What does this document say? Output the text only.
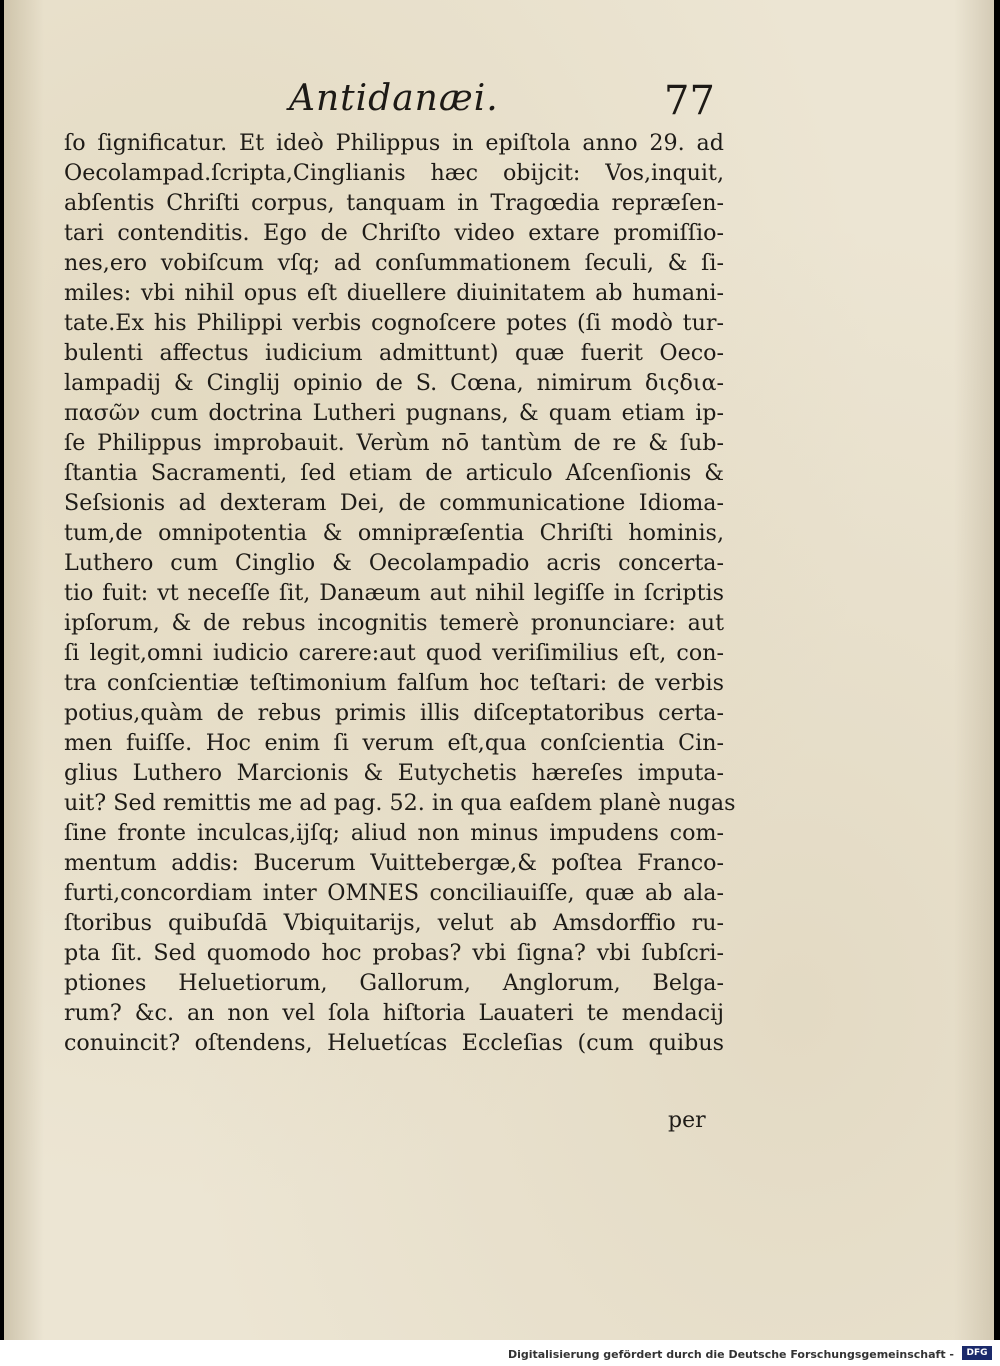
Antidanæi.	77
ſo ſignificatur. Et ideò Philippus in epiſtola anno 29. ad
Oecolampad.ſcripta,Cinglianis hæc obijcit: Vos,inquit,
abſentis Chriſti corpus, tanquam in Tragœdia repræſen-
tari contenditis. Ego de Chriſto video extare promiſſio-
nes,ero vobiſcum vſq; ad conſummationem ſeculi, & ſi-
miles: vbi nihil opus eſt diuellere diuinitatem ab humani-
tate.Ex his Philippi verbis cognoſcere potes (ſi modò tur-
bulenti affectus iudicium admittunt) quæ fuerit Oeco-
lampadij & Cinglij opinio de S. Cœna, nimirum διςδια-
πασῶν cum doctrina Lutheri pugnans, & quam etiam ip-
ſe Philippus improbauit. Verùm nō tantùm de re & ſub-
ſtantia Sacramenti, ſed etiam de articulo Aſcenſionis &
Seſsionis ad dexteram Dei, de communicatione Idioma-
tum,de omnipotentia & omnipræſentia Chriſti hominis,
Luthero cum Cinglio & Oecolampadio acris concerta-
tio fuit: vt neceſſe ſit, Danæum aut nihil legiſſe in ſcriptis
ipſorum, & de rebus incognitis temerè pronunciare: aut
ſi legit,omni iudicio carere:aut quod veriſimilius eſt, con-
tra conſcientiæ teſtimonium falſum hoc teſtari: de verbis
potius,quàm de rebus primis illis diſceptatoribus certa-
men fuiſſe. Hoc enim ſi verum eſt,qua conſcientia Cin-
glius Luthero Marcionis & Eutychetis hæreſes imputa-
uit? Sed remittis me ad pag. 52. in qua eaſdem planè nugas
ſine fronte inculcas,ijſq; aliud non minus impudens com-
mentum addis: Bucerum Vuittebergæ,& poſtea Franco-
furti,concordiam inter OMNES conciliauiſſe, quæ ab ala-
ſtoribus quibuſdā Vbiquitarijs, velut ab Amsdorffio ru-
pta ſit. Sed quomodo hoc probas? vbi ſigna? vbi ſubſcri-
ptiones Heluetiorum, Gallorum, Anglorum, Belga-
rum? &c. an non vel ſola hiſtoria Lauateri te mendacij
conuincit? oſtendens, Heluetícas Eccleſias (cum quibus
per
Digitalisierung gefördert durch die Deutsche Forschungsgemeinschaft -	DFG
